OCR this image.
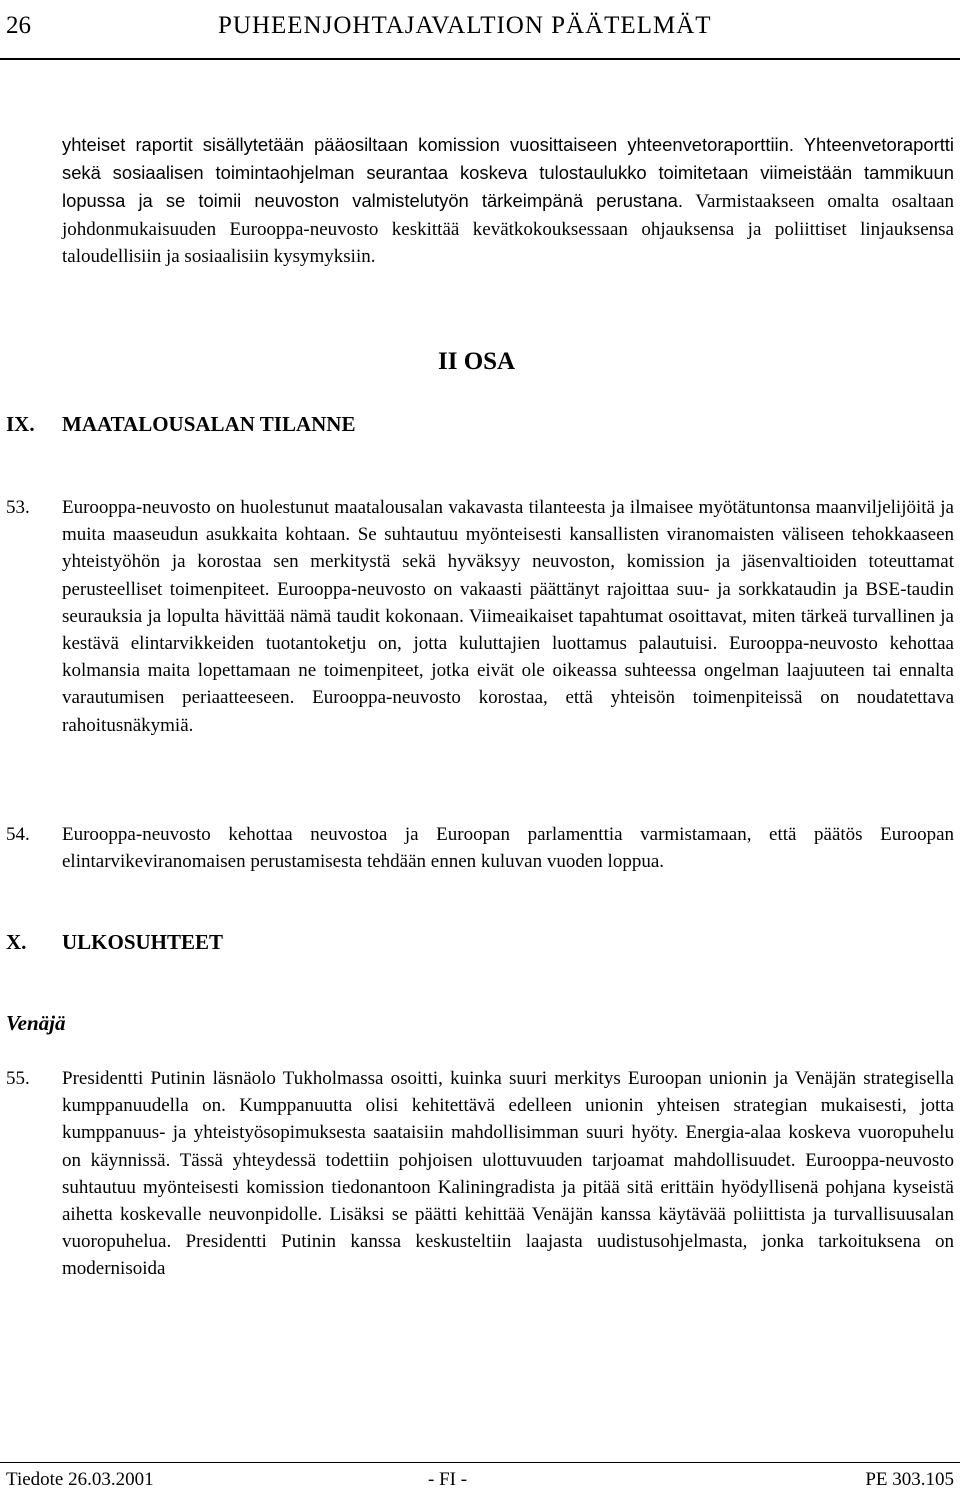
26	PUHEENJOHTAJAVALTION PÄÄTELMÄT

yhteiset raportit sisällytetään pääosiltaan komission vuosittaiseen yhteenvetoraporttiin. Yhteenvetoraportti sekä sosiaalisen toimintaohjelman seurantaa koskeva tulostaulukko toimitetaan viimeistään tammikuun lopussa ja se toimii neuvoston valmistelutyön tärkeimpänä perustana. Varmistaakseen omalta osaltaan johdonmukaisuuden Eurooppa-neuvosto keskittää kevätkokouksessaan ohjauksensa ja poliittiset linjauksensa taloudellisiin ja sosiaalisiin kysymyksiin.

II OSA
IX. MAATALOUSALAN TILANNE
53. Eurooppa-neuvosto on huolestunut maatalousalan vakavasta tilanteesta ja ilmaisee myötätuntonsa maanviljelijöitä ja muita maaseudun asukkaita kohtaan. Se suhtautuu myönteisesti kansallisten viranomaisten väliseen tehokkaaseen yhteistyöhön ja korostaa sen merkitystä sekä hyväksyy neuvoston, komission ja jäsenvaltioiden toteuttamat perusteelliset toimenpiteet. Eurooppa-neuvosto on vakaasti päättänyt rajoittaa suu- ja sorkkataudin ja BSE-taudin seurauksia ja lopulta hävittää nämä taudit kokonaan. Viimeaikaiset tapahtumat osoittavat, miten tärkeä turvallinen ja kestävä elintarvikkeiden tuotantoketju on, jotta kuluttajien luottamus palautuisi. Eurooppa-neuvosto kehottaa kolmansia maita lopettamaan ne toimenpiteet, jotka eivät ole oikeassa suhteessa ongelman laajuuteen tai ennalta varautumisen periaatteeseen. Eurooppa-neuvosto korostaa, että yhteisön toimenpiteissä on noudatettava rahoitusnäkymiä.

54. Eurooppa-neuvosto kehottaa neuvostoa ja Euroopan parlamenttia varmistamaan, että päätös Euroopan elintarvikeviranomaisen perustamisesta tehdään ennen kuluvan vuoden loppua.

X. ULKOSUHTEET
Venäjä
55. Presidentti Putinin läsnäolo Tukholmassa osoitti, kuinka suuri merkitys Euroopan unionin ja Venäjän strategisella kumppanuudella on. Kumppanuutta olisi kehitettävä edelleen unionin yhteisen strategian mukaisesti, jotta kumppanuus- ja yhteistyösopimuksesta saataisiin mahdollisimman suuri hyöty. Energia-alaa koskeva vuoropuhelu on käynnissä. Tässä yhteydessä todettiin pohjoisen ulottuvuuden tarjoamat mahdollisuudet. Eurooppa-neuvosto suhtautuu myönteisesti komission tiedonantoon Kaliningradista ja pitää sitä erittäin hyödyllisenä pohjana kyseistä aihetta koskevalle neuvonpidolle. Lisäksi se päätti kehittää Venäjän kanssa käytävää poliittista ja turvallisuusalan vuoropuhelua. Presidentti Putinin kanssa keskusteltiin laajasta uudistusohjelmasta, jonka tarkoituksena on modernisoida

Tiedote 26.03.2001	- FI -	PE 303.105
